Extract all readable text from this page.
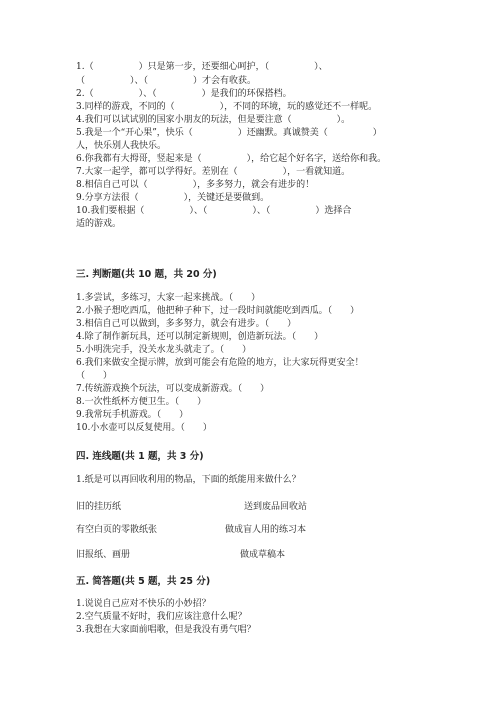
1.（　　　　　）只是第一步，还要细心呵护，（　　　　　）、
（　　　　　）、（　　　　　）才会有收获。
2.（　　　　　）、（　　　　　）是我们的环保搭档。
3.同样的游戏，不同的（　　　　　），不同的环境，玩的感觉还不一样呢。
4.我们可以试试别的国家小朋友的玩法，但是要注意（　　　　　）。
5.我是一个“开心果”，快乐（　　　　　）还幽默。真诚赞美（　　　　　）
人，快乐别人我快乐。
6.你我都有大拇哥，竖起来是（　　　　　），给它起个好名字，送给你和我。
7.大家一起学，都可以学得好。差别在（　　　　　），一看就知道。
8.相信自己可以（　　　　　），多多努力，就会有进步的！
9.分享方法很（　　　　　），关键还是要做到。
10.我们要根据（　　　　　）、（　　　　　）、（　　　　　）选择合
适的游戏。
三. 判断题(共 10 题，共 20 分)
1.多尝试，多练习，大家一起来挑战。（　　）
2.小猴子想吃西瓜，他把种子种下，过一段时间就能吃到西瓜。（　　）
3.相信自己可以做到，多多努力，就会有进步。（　　）
4.除了制作新玩具，还可以制定新规则，创造新玩法。（　　）
5.小明洗完手，没关水龙头就走了。（　　）
6.我们来做安全提示牌，放到可能会有危险的地方，让大家玩得更安全！
（　　）
7.传统游戏换个玩法，可以变成新游戏。（　　）
8.一次性纸杯方便卫生。（　　）
9.我常玩手机游戏。（　　）
10.小水壶可以反复使用。（　　）
四. 连线题(共 1 题，共 3 分)
1.纸是可以再回收利用的物品，下面的纸能用来做什么？
旧的挂历纸	送到废品回收站
有空白页的零散纸张	做成盲人用的练习本
旧报纸、画册	做成草稿本
五. 简答题(共 5 题，共 25 分)
1.说说自己应对不快乐的小妙招？
2.空气质量不好时，我们应该注意什么呢？
3.我想在大家面前唱歌，但是我没有勇气唱？
